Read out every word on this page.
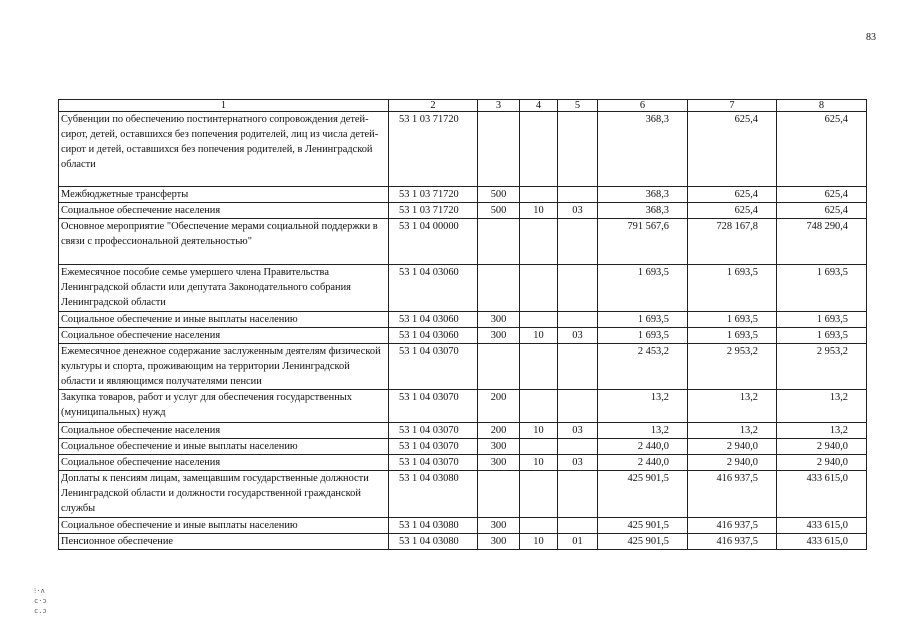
83
1	2	3	4	5	6	7	8
Субвенции по обеспечению постинтернатного сопровождения детей-сирот, детей, оставшихся без попечения родителей, лиц из числа детей-сирот и детей, оставшихся без попечения родителей, в Ленинградской области	53 1 03 71720				368,3	625,4	625,4
Межбюджетные трансферты	53 1 03 71720	500			368,3	625,4	625,4
Социальное обеспечение населения	53 1 03 71720	500	10	03	368,3	625,4	625,4
Основное мероприятие "Обеспечение мерами социальной поддержки в связи с профессиональной деятельностью"	53 1 04 00000				791 567,6	728 167,8	748 290,4
Ежемесячное пособие семье умершего члена Правительства Ленинградской области или депутата Законодательного собрания Ленинградской области	53 1 04 03060				1 693,5	1 693,5	1 693,5
Социальное обеспечение и иные выплаты населению	53 1 04 03060	300			1 693,5	1 693,5	1 693,5
Социальное обеспечение населения	53 1 04 03060	300	10	03	1 693,5	1 693,5	1 693,5
Ежемесячное денежное содержание заслуженным деятелям физической культуры и спорта, проживающим на территории Ленинградской области и являющимся получателями пенсии	53 1 04 03070				2 453,2	2 953,2	2 953,2
Закупка товаров, работ и услуг для обеспечения государственных (муниципальных) нужд	53 1 04 03070	200			13,2	13,2	13,2
Социальное обеспечение населения	53 1 04 03070	200	10	03	13,2	13,2	13,2
Социальное обеспечение и иные выплаты населению	53 1 04 03070	300			2 440,0	2 940,0	2 940,0
Социальное обеспечение населения	53 1 04 03070	300	10	03	2 440,0	2 940,0	2 940,0
Доплаты к пенсиям лицам, замещавшим государственные должности Ленинградской области и должности государственной гражданской службы	53 1 04 03080				425 901,5	416 937,5	433 615,0
Социальное обеспечение и иные выплаты населению	53 1 04 03080	300			425 901,5	416 937,5	433 615,0
Пенсионное обеспечение	53 1 04 03080	300	10	01	425 901,5	416 937,5	433 615,0
⁝·ʌ
c·ɔ
c.ɔ
